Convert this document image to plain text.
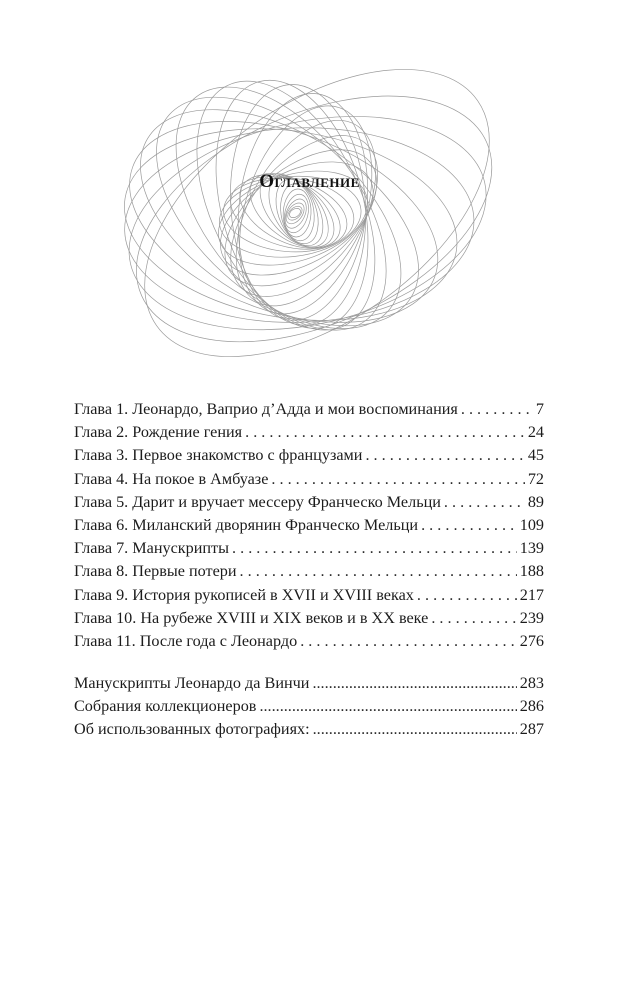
Оглавление
Глава 1. Леонардо, Ваприо д’Адда и мои воспоминания . . .	7
Глава 2. Рождение гения . . .	24
Глава 3. Первое знакомство с французами . . .	45
Глава 4. На покое в Амбуазе . . .	72
Глава 5. Дарит и вручает мессеру Франческо Мельци . . .	89
Глава 6. Миланский дворянин Франческо Мельци . . .	109
Глава 7. Манускрипты . . .	139
Глава 8. Первые потери . . .	188
Глава 9. История рукописей в XVII и XVIII веках . . .	217
Глава 10. На рубеже XVIII и XIX веков и в XX веке . . .	239
Глава 11. После года с Леонардо . . .	276
Манускрипты Леонардо да Винчи .....	283
Собрания коллекционеров .....	286
Об использованных фотографиях: .....	287
